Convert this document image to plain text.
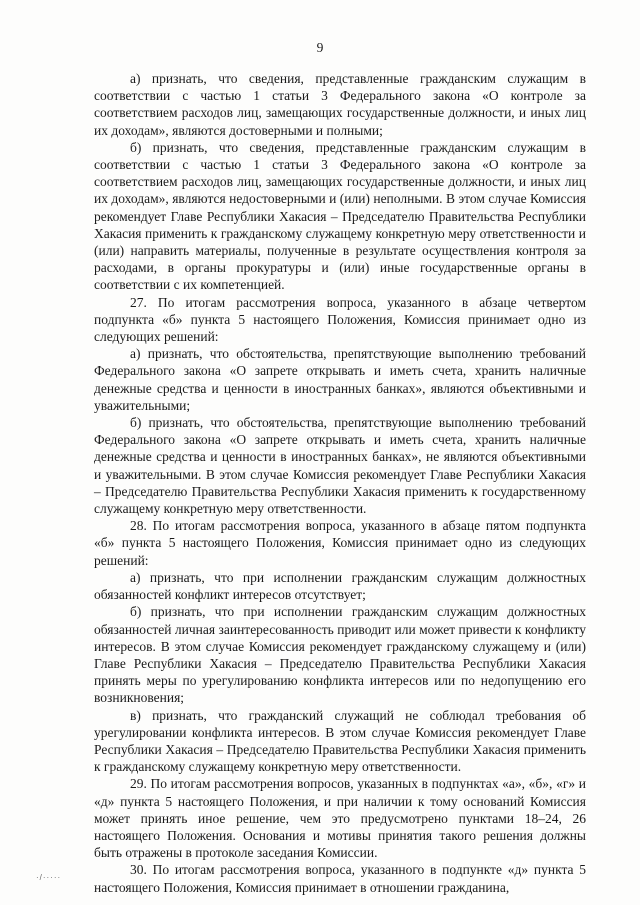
9

а) признать, что сведения, представленные гражданским служащим в соответствии с частью 1 статьи 3 Федерального закона «О контроле за соответствием расходов лиц, замещающих государственные должности, и иных лиц их доходам», являются достоверными и полными;

б) признать, что сведения, представленные гражданским служащим в соответствии с частью 1 статьи 3 Федерального закона «О контроле за соответствием расходов лиц, замещающих государственные должности, и иных лиц их доходам», являются недостоверными и (или) неполными. В этом случае Комиссия рекомендует Главе Республики Хакасия – Председателю Правительства Республики Хакасия применить к гражданскому служащему конкретную меру ответственности и (или) направить материалы, полученные в результате осуществления контроля за расходами, в органы прокуратуры и (или) иные государственные органы в соответствии с их компетенцией.

27. По итогам рассмотрения вопроса, указанного в абзаце четвертом подпункта «б» пункта 5 настоящего Положения, Комиссия принимает одно из следующих решений:

а) признать, что обстоятельства, препятствующие выполнению требований Федерального закона «О запрете открывать и иметь счета, хранить наличные денежные средства и ценности в иностранных банках», являются объективными и уважительными;

б) признать, что обстоятельства, препятствующие выполнению требований Федерального закона «О запрете открывать и иметь счета, хранить наличные денежные средства и ценности в иностранных банках», не являются объективными и уважительными. В этом случае Комиссия рекомендует Главе Республики Хакасия – Председателю Правительства Республики Хакасия применить к государственному служащему конкретную меру ответственности.

28. По итогам рассмотрения вопроса, указанного в абзаце пятом подпункта «б» пункта 5 настоящего Положения, Комиссия принимает одно из следующих решений:

а) признать, что при исполнении гражданским служащим должностных обязанностей конфликт интересов отсутствует;

б) признать, что при исполнении гражданским служащим должностных обязанностей личная заинтересованность приводит или может привести к конфликту интересов. В этом случае Комиссия рекомендует гражданскому служащему и (или) Главе Республики Хакасия – Председателю Правительства Республики Хакасия принять меры по урегулированию конфликта интересов или по недопущению его возникновения;

в) признать, что гражданский служащий не соблюдал требования об урегулировании конфликта интересов. В этом случае Комиссия рекомендует Главе Республики Хакасия – Председателю Правительства Республики Хакасия применить к гражданскому служащему конкретную меру ответственности.

29. По итогам рассмотрения вопросов, указанных в подпунктах «а», «б», «г» и «д» пункта 5 настоящего Положения, и при наличии к тому оснований Комиссия может принять иное решение, чем это предусмотрено пунктами 18–24, 26 настоящего Положения. Основания и мотивы принятия такого решения должны быть отражены в протоколе заседания Комиссии.

30. По итогам рассмотрения вопроса, указанного в подпункте «д» пункта 5 настоящего Положения, Комиссия принимает в отношении гражданина,

·/·····
